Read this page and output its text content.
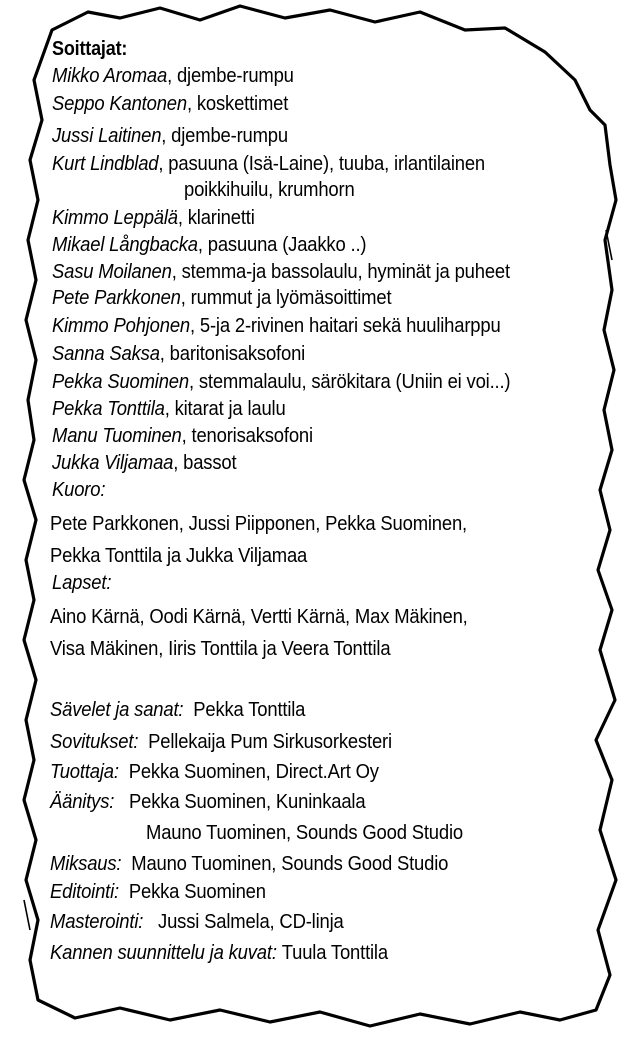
Soittajat:
Mikko Aromaa, djembe-rumpu
Seppo Kantonen, koskettimet
Jussi Laitinen, djembe-rumpu
Kurt Lindblad, pasuuna (Isä-Laine), tuuba, irlantilainen
poikkihuilu, krumhorn
Kimmo Leppälä, klarinetti
Mikael Långbacka, pasuuna (Jaakko ..)
Sasu Moilanen, stemma-ja bassolaulu, hyminät ja puheet
Pete Parkkonen, rummut ja lyömäsoittimet
Kimmo Pohjonen, 5-ja 2-rivinen haitari sekä huuliharppu
Sanna Saksa, baritonisaksofoni
Pekka Suominen, stemmalaulu, särökitara (Uniin ei voi...)
Pekka Tonttila, kitarat ja laulu
Manu Tuominen, tenorisaksofoni
Jukka Viljamaa, bassot
Kuoro:
Pete Parkkonen, Jussi Piipponen, Pekka Suominen,
Pekka Tonttila ja Jukka Viljamaa
Lapset:
Aino Kärnä, Oodi Kärnä, Vertti Kärnä, Max Mäkinen,
Visa Mäkinen, Iiris Tonttila ja Veera Tonttila
Sävelet ja sanat: Pekka Tonttila
Sovitukset: Pellekaija Pum Sirkusorkesteri
Tuottaja: Pekka Suominen, Direct.Art Oy
Äänitys: Pekka Suominen, Kuninkaala
Mauno Tuominen, Sounds Good Studio
Miksaus: Mauno Tuominen, Sounds Good Studio
Editointi: Pekka Suominen
Masterointi: Jussi Salmela, CD-linja
Kannen suunnittelu ja kuvat: Tuula Tonttila
